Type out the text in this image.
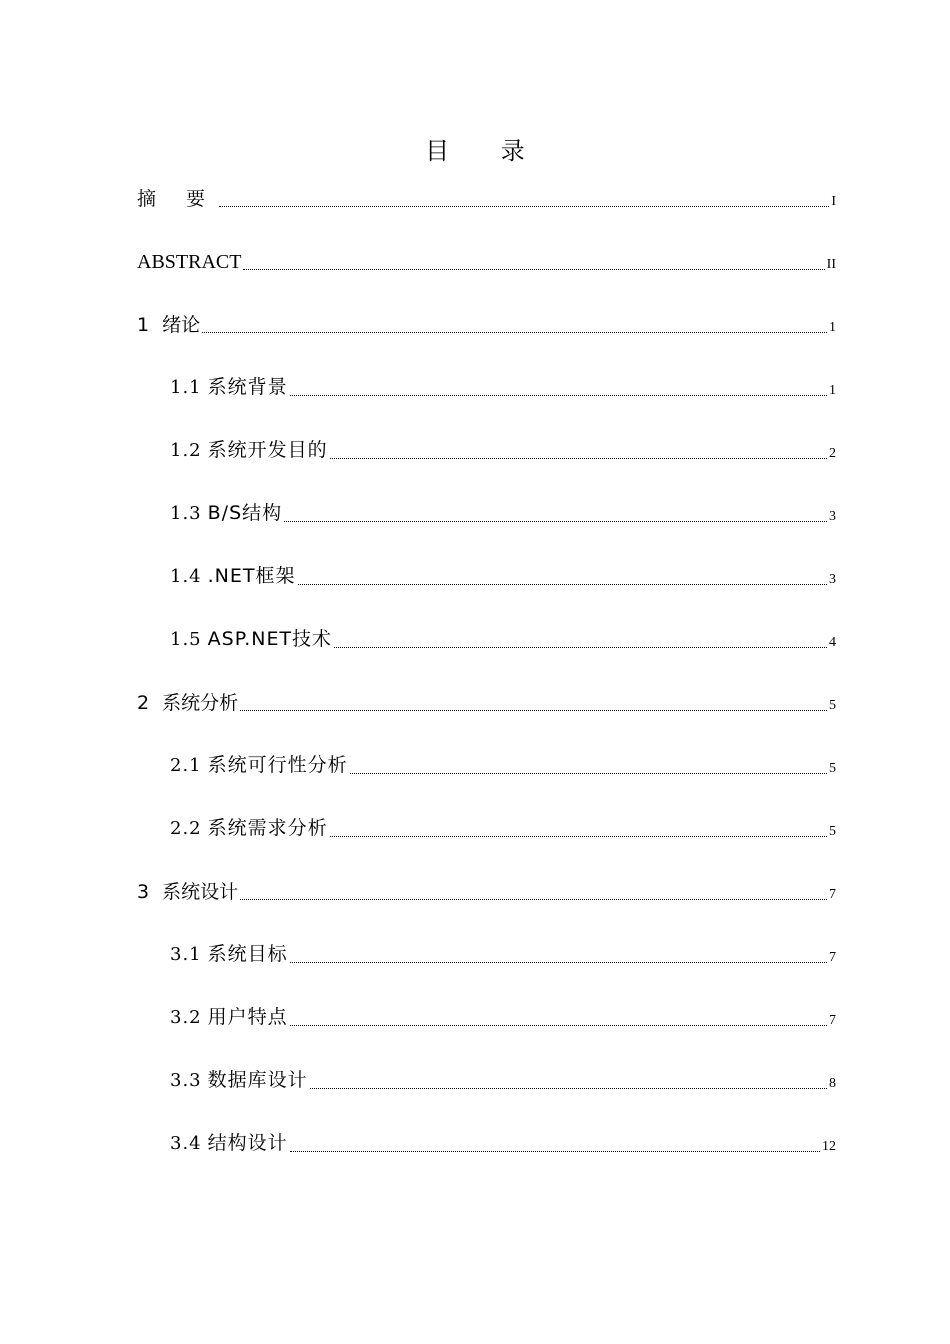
目 录
摘 要	I
ABSTRACT	II
1 绪论	1
1.1 系统背景	1
1.2 系统开发目的	2
1.3 B/S结构	3
1.4 .NET框架	3
1.5 ASP.NET技术	4
2 系统分析	5
2.1 系统可行性分析	5
2.2 系统需求分析	5
3 系统设计	7
3.1 系统目标	7
3.2 用户特点	7
3.3 数据库设计	8
3.4 结构设计	12
